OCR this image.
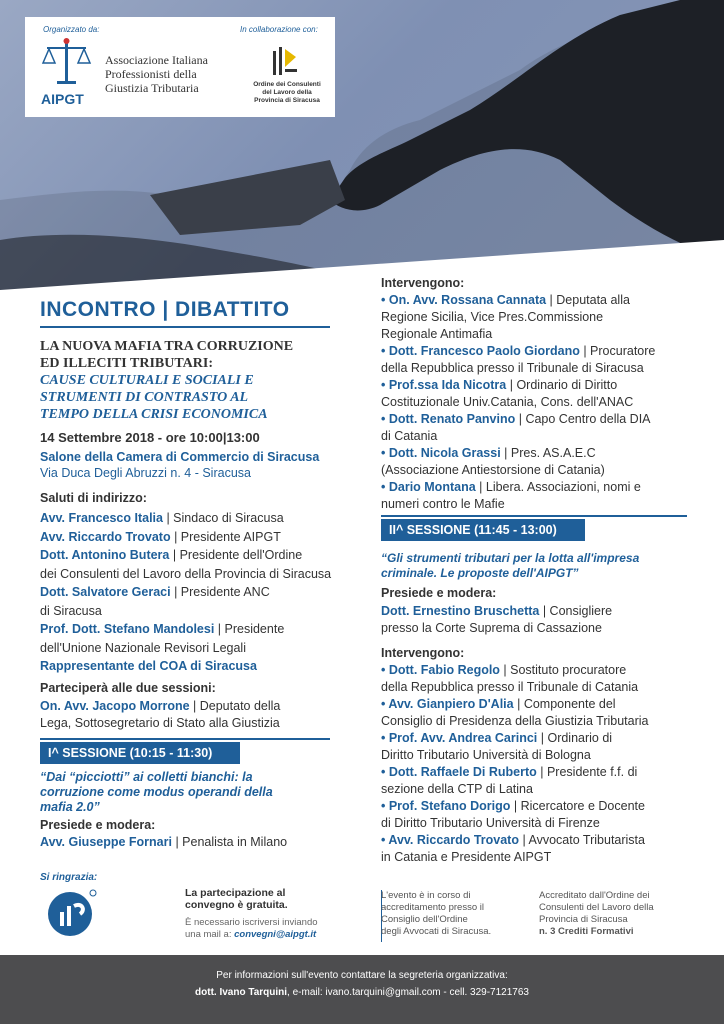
Organizzato da:
AIPGT
Associazione Italiana
Professionisti della
Giustizia Tributaria
In collaborazione con:
Ordine dei Consulenti
del Lavoro della
Provincia di Siracusa
INCONTRO | DIBATTITO
LA NUOVA MAFIA TRA CORRUZIONE
ED ILLECITI TRIBUTARI:
CAUSE CULTURALI E SOCIALI E
STRUMENTI DI CONTRASTO AL
TEMPO DELLA CRISI ECONOMICA
14 Settembre 2018 - ore 10:00|13:00
Salone della Camera di Commercio di Siracusa
Via Duca Degli Abruzzi n. 4 - Siracusa
Saluti di indirizzo:
Avv. Francesco Italia | Sindaco di Siracusa
Avv. Riccardo Trovato | Presidente AIPGT
Dott. Antonino Butera | Presidente dell'Ordine
dei Consulenti del Lavoro della Provincia di Siracusa
Dott. Salvatore Geraci | Presidente ANC
di Siracusa
Prof. Dott. Stefano Mandolesi | Presidente
dell'Unione Nazionale Revisori Legali
Rappresentante del COA di Siracusa
Parteciperà alle due sessioni:
On. Avv. Jacopo Morrone | Deputato della
Lega, Sottosegretario di Stato alla Giustizia
I^ SESSIONE (10:15 - 11:30)
“Dai “picciotti” ai colletti bianchi: la
corruzione come modus operandi della
mafia 2.0”
Presiede e modera:
Avv. Giuseppe Fornari | Penalista in Milano
Intervengono:
• On. Avv. Rossana Cannata | Deputata alla
Regione Sicilia, Vice Pres.Commissione
Regionale Antimafia
• Dott. Francesco Paolo Giordano | Procuratore
della Repubblica presso il Tribunale di Siracusa
• Prof.ssa Ida Nicotra | Ordinario di Diritto
Costituzionale Univ.Catania, Cons. dell'ANAC
• Dott. Renato Panvino | Capo Centro della DIA
di Catania
• Dott. Nicola Grassi | Pres. AS.A.E.C
(Associazione Antiestorsione di Catania)
• Dario Montana | Libera. Associazioni, nomi e
numeri contro le Mafie
II^ SESSIONE (11:45 - 13:00)
“Gli strumenti tributari per la lotta all'impresa
criminale. Le proposte dell'AIPGT”
Presiede e modera:
Dott. Ernestino Bruschetta | Consigliere
presso la Corte Suprema di Cassazione
Intervengono:
• Dott. Fabio Regolo | Sostituto procuratore
della Repubblica presso il Tribunale di Catania
• Avv. Gianpiero D'Alia | Componente del
Consiglio di Presidenza della Giustizia Tributaria
• Prof. Avv. Andrea Carinci | Ordinario di
Diritto Tributario Università di Bologna
• Dott. Raffaele Di Ruberto | Presidente f.f. di
sezione della CTP di Latina
• Prof. Stefano Dorigo | Ricercatore e Docente
di Diritto Tributario Università di Firenze
• Avv. Riccardo Trovato | Avvocato Tributarista
in Catania e Presidente AIPGT
Si ringrazia:
La partecipazione al
convegno è gratuita.
È necessario iscriversi inviando
una mail a: convegni@aipgt.it
L'evento è in corso di
accreditamento presso il
Consiglio dell'Ordine
degli Avvocati di Siracusa.
Accreditato dall'Ordine dei
Consulenti del Lavoro della
Provincia di Siracusa
n. 3 Crediti Formativi
Per informazioni sull'evento contattare la segreteria organizzativa:
dott. Ivano Tarquini, e-mail: ivano.tarquini@gmail.com - cell. 329-7121763
